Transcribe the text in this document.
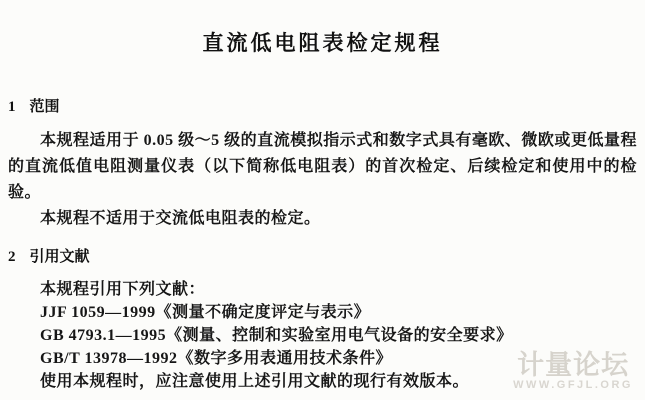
直流低电阻表检定规程
1 范围

本规程适用于 0.05 级～5 级的直流模拟指示式和数字式具有毫欧、微欧或更低量程的直流低值电阻测量仪表（以下简称低电阻表）的首次检定、后续检定和使用中的检验。

本规程不适用于交流低电阻表的检定。

2 引用文献

本规程引用下列文献：

JJF 1059—1999《测量不确定度评定与表示》

GB 4793.1—1995《测量、控制和实验室用电气设备的安全要求》

GB/T 13978—1992《数字多用表通用技术条件》

使用本规程时，应注意使用上述引用文献的现行有效版本。

计量论坛
WWW.GFJL.ORG
